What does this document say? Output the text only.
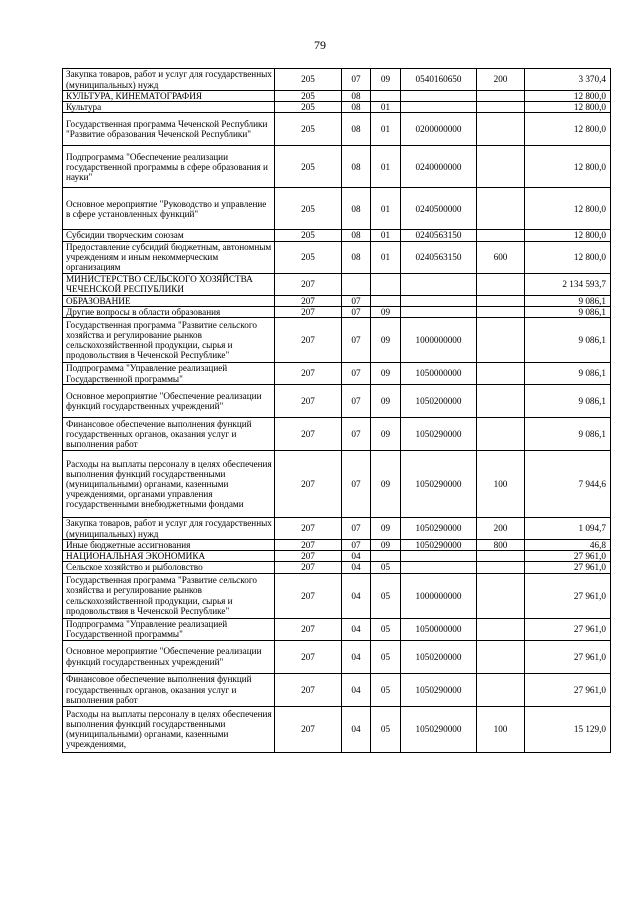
79
Закупка товаров, работ и услуг для государственных (муниципальных) нужд	205	07	09	0540160650	200	3 370,4
КУЛЬТУРА, КИНЕМАТОГРАФИЯ	205	08				12 800,0
Культура	205	08	01			12 800,0
Государственная программа Чеченской Республики "Развитие образования Чеченской Республики"	205	08	01	0200000000		12 800,0
Подпрограмма "Обеспечение реализации государственной программы в сфере образования и науки"	205	08	01	0240000000		12 800,0
Основное мероприятие "Руководство и управление в сфере установленных функций"	205	08	01	0240500000		12 800,0
Субсидии творческим союзам	205	08	01	0240563150		12 800,0
Предоставление субсидий бюджетным, автономным учреждениям и иным некоммерческим организациям	205	08	01	0240563150	600	12 800,0
МИНИСТЕРСТВО СЕЛЬСКОГО ХОЗЯЙСТВА ЧЕЧЕНСКОЙ РЕСПУБЛИКИ	207					2 134 593,7
ОБРАЗОВАНИЕ	207	07				9 086,1
Другие вопросы в области образования	207	07	09			9 086,1
Государственная программа "Развитие сельского хозяйства и регулирование рынков сельскохозяйственной продукции, сырья и продовольствия в Чеченской Республике"	207	07	09	1000000000		9 086,1
Подпрограмма "Управление реализацией Государственной программы"	207	07	09	1050000000		9 086,1
Основное мероприятие "Обеспечение реализации функций государственных учреждений"	207	07	09	1050200000		9 086,1
Финансовое обеспечение выполнения функций государственных органов, оказания услуг и выполнения работ	207	07	09	1050290000		9 086,1
Расходы на выплаты персоналу в целях обеспечения выполнения функций государственными (муниципальными) органами, казенными учреждениями, органами управления государственными внебюджетными фондами	207	07	09	1050290000	100	7 944,6
Закупка товаров, работ и услуг для государственных (муниципальных) нужд	207	07	09	1050290000	200	1 094,7
Иные бюджетные ассигнования	207	07	09	1050290000	800	46,8
НАЦИОНАЛЬНАЯ ЭКОНОМИКА	207	04				27 961,0
Сельское хозяйство и рыболовство	207	04	05			27 961,0
Государственная программа "Развитие сельского хозяйства и регулирование рынков сельскохозяйственной продукции, сырья и продовольствия в Чеченской Республике"	207	04	05	1000000000		27 961,0
Подпрограмма "Управление реализацией Государственной программы"	207	04	05	1050000000		27 961,0
Основное мероприятие "Обеспечение реализации функций государственных учреждений"	207	04	05	1050200000		27 961,0
Финансовое обеспечение выполнения функций государственных органов, оказания услуг и выполнения работ	207	04	05	1050290000		27 961,0
Расходы на выплаты персоналу в целях обеспечения выполнения функций государственными (муниципальными) органами, казенными учреждениями,	207	04	05	1050290000	100	15 129,0
